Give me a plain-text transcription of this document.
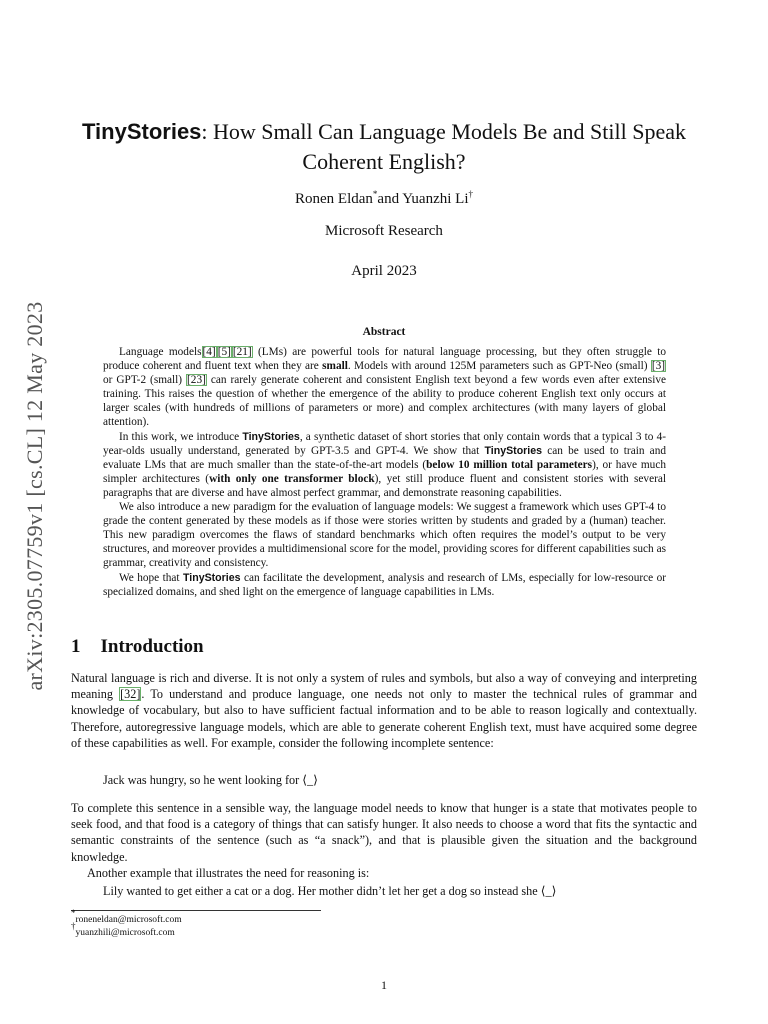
arXiv:2305.07759v1 [cs.CL] 12 May 2023
TinyStories: How Small Can Language Models Be and Still Speak Coherent English?
Ronen Eldan*and Yuanzhi Li†
Microsoft Research
April 2023
Abstract

Language models[4] [5] [21] (LMs) are powerful tools for natural language processing, but they often struggle to produce coherent and fluent text when they are small. Models with around 125M parameters such as GPT-Neo (small) [3] or GPT-2 (small) [23] can rarely generate coherent and consistent English text beyond a few words even after extensive training. This raises the question of whether the emergence of the ability to produce coherent English text only occurs at larger scales (with hundreds of millions of parameters or more) and complex architectures (with many layers of global attention).

In this work, we introduce TinyStories, a synthetic dataset of short stories that only contain words that a typical 3 to 4-year-olds usually understand, generated by GPT-3.5 and GPT-4. We show that TinyStories can be used to train and evaluate LMs that are much smaller than the state-of-the-art models (below 10 million total parameters), or have much simpler architectures (with only one transformer block), yet still produce fluent and consistent stories with several paragraphs that are diverse and have almost perfect grammar, and demonstrate reasoning capabilities.

We also introduce a new paradigm for the evaluation of language models: We suggest a framework which uses GPT-4 to grade the content generated by these models as if those were stories written by students and graded by a (human) teacher. This new paradigm overcomes the flaws of standard benchmarks which often requires the model’s output to be very structures, and moreover provides a multidimensional score for the model, providing scores for different capabilities such as grammar, creativity and consistency.

We hope that TinyStories can facilitate the development, analysis and research of LMs, especially for low-resource or specialized domains, and shed light on the emergence of language capabilities in LMs.

1 Introduction

Natural language is rich and diverse. It is not only a system of rules and symbols, but also a way of conveying and interpreting meaning [32]. To understand and produce language, one needs not only to master the technical rules of grammar and knowledge of vocabulary, but also to have sufficient factual information and to be able to reason logically and contextually. Therefore, autoregressive language models, which are able to generate coherent English text, must have acquired some degree of these capabilities as well. For example, consider the following incomplete sentence:

Jack was hungry, so he went looking for ⟨_⟩

To complete this sentence in a sensible way, the language model needs to know that hunger is a state that motivates people to seek food, and that food is a category of things that can satisfy hunger. It also needs to choose a word that fits the syntactic and semantic constraints of the sentence (such as “a snack”), and that is plausible given the situation and the background knowledge.

Another example that illustrates the need for reasoning is:

Lily wanted to get either a cat or a dog. Her mother didn’t let her get a dog so instead she ⟨_⟩
*roneneldan@microsoft.com
†yuanzhili@microsoft.com
1
